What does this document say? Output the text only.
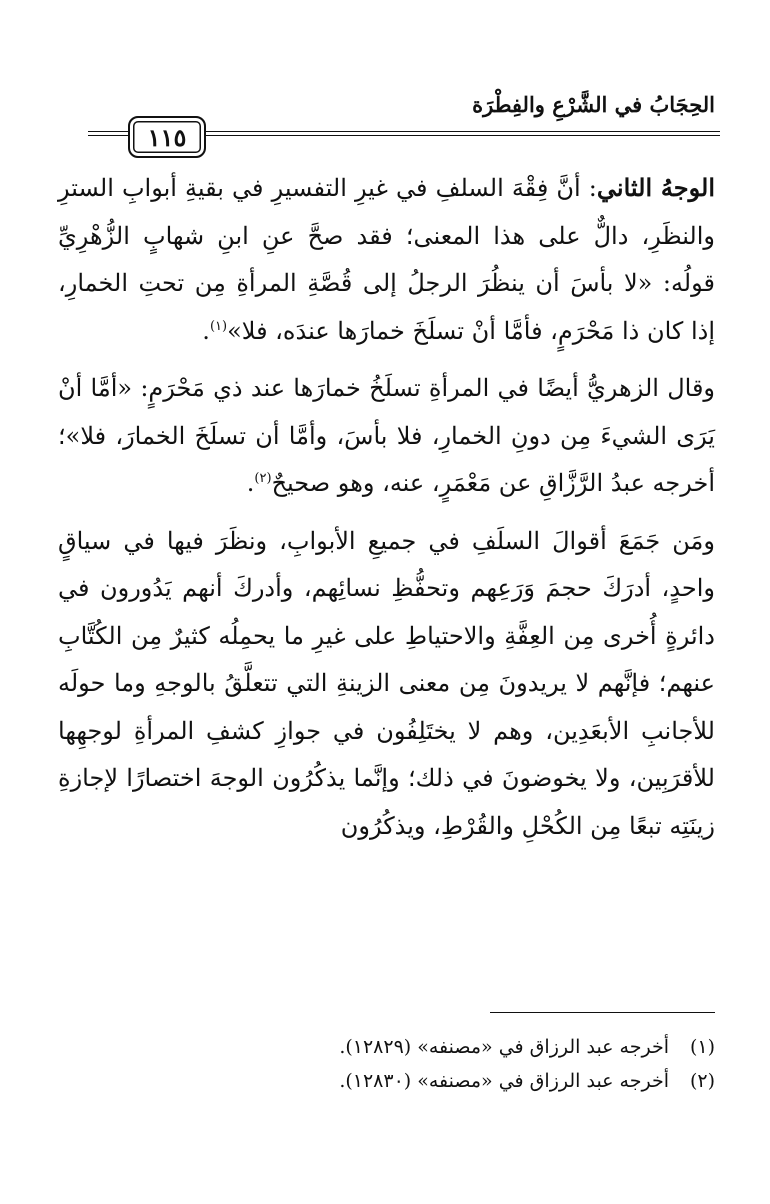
الحِجَابُ في الشَّرْعِ والفِطْرَة
١١٥

الوجهُ الثاني: أنَّ فِقْهَ السلفِ في غيرِ التفسيرِ في بقيةِ أبوابِ السترِ والنظَرِ، دالٌّ على هذا المعنى؛ فقد صحَّ عنِ ابنِ شهابٍ الزُّهْرِيِّ قولُه: «لا بأسَ أن ينظُرَ الرجلُ إلى قُصَّةِ المرأةِ مِن تحتِ الخمارِ، إذا كان ذا مَحْرَمٍ، فأمَّا أنْ تسلَخَ خمارَها عندَه، فلا»$^{(١)}$.

وقال الزهريُّ أيضًا في المرأةِ تسلَخُ خمارَها عند ذي مَحْرَمٍ: «أمَّا أنْ يَرَى الشيءَ مِن دونِ الخمارِ، فلا بأسَ، وأمَّا أن تسلَخَ الخمارَ، فلا»؛ أخرجه عبدُ الرَّزَّاقِ عن مَعْمَرٍ، عنه، وهو صحيحٌ$^{(٢)}$.

ومَن جَمَعَ أقوالَ السلَفِ في جميعِ الأبوابِ، ونظَرَ فيها في سياقٍ واحدٍ، أدرَكَ حجمَ وَرَعِهم وتحفُّظِ نسائِهم، وأدركَ أنهم يَدُورون في دائرةٍ أُخرى مِن العِفَّةِ والاحتياطِ على غيرِ ما يحمِلُه كثيرٌ مِن الكُتَّابِ عنهم؛ فإنَّهم لا يريدونَ مِن معنى الزينةِ التي تتعلَّقُ بالوجهِ وما حولَه للأجانبِ الأبعَدِين، وهم لا يختَلِفُون في جوازِ كشفِ المرأةِ لوجهِها للأقرَبِين، ولا يخوضونَ في ذلك؛ وإنَّما يذكُرُون الوجهَ اختصارًا لإجازةِ زينَتِه تبعًا مِن الكُحْلِ والقُرْطِ، ويذكُرُون

(١)أخرجه عبد الرزاق في «مصنفه» (١٢٨٢٩).

(٢)أخرجه عبد الرزاق في «مصنفه» (١٢٨٣٠).
